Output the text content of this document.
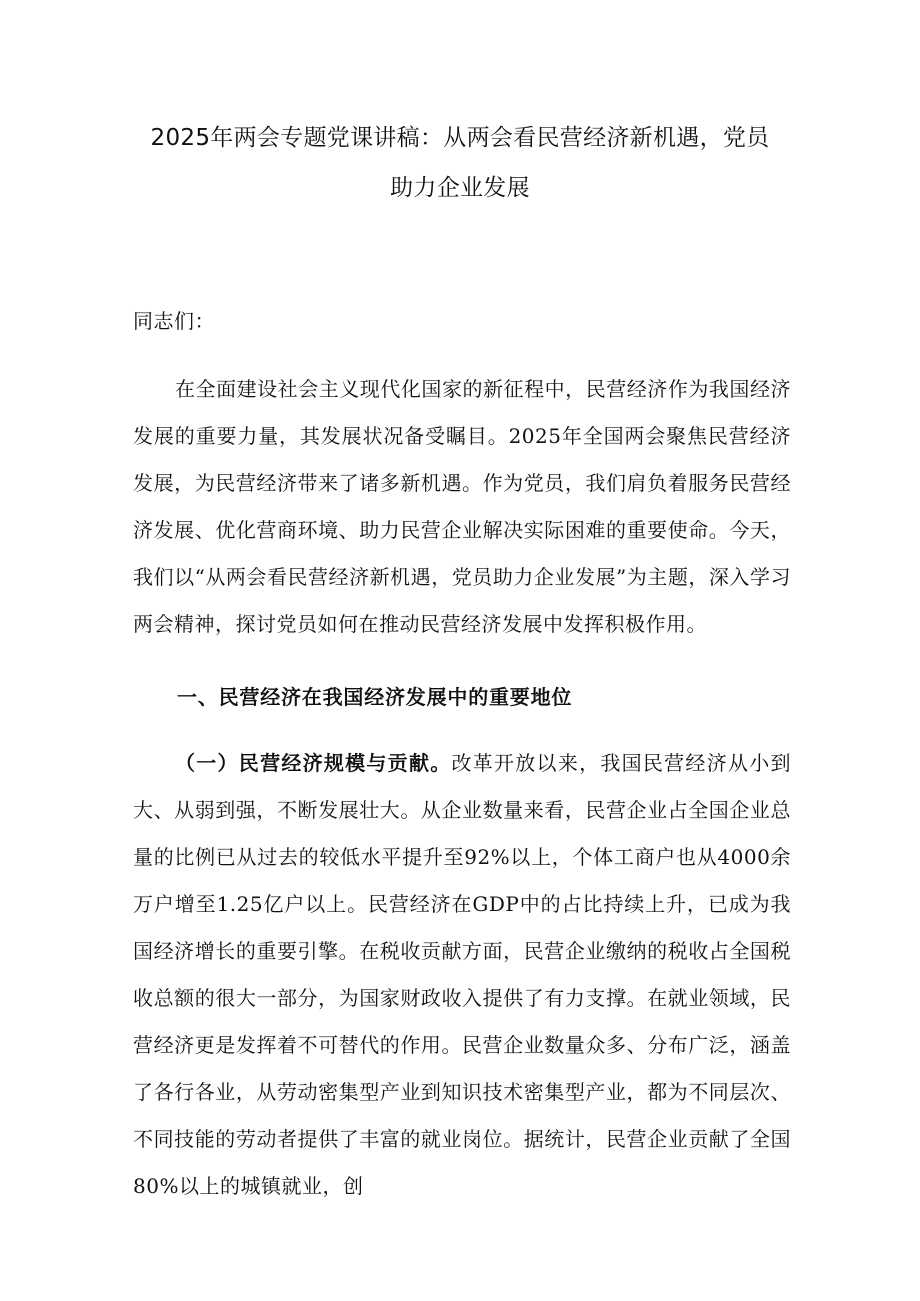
2025年两会专题党课讲稿：从两会看民营经济新机遇，党员
助力企业发展
同志们：
在全面建设社会主义现代化国家的新征程中，民营经济作为我国经济发展的重要力量，其发展状况备受瞩目。2025年全国两会聚焦民营经济发展，为民营经济带来了诸多新机遇。作为党员，我们肩负着服务民营经济发展、优化营商环境、助力民营企业解决实际困难的重要使命。今天，我们以“从两会看民营经济新机遇，党员助力企业发展”为主题，深入学习两会精神，探讨党员如何在推动民营经济发展中发挥积极作用。
一、民营经济在我国经济发展中的重要地位
（一）民营经济规模与贡献。改革开放以来，我国民营经济从小到大、从弱到强，不断发展壮大。从企业数量来看，民营企业占全国企业总量的比例已从过去的较低水平提升至92%以上，个体工商户也从4000余万户增至1.25亿户以上。民营经济在GDP中的占比持续上升，已成为我国经济增长的重要引擎。在税收贡献方面，民营企业缴纳的税收占全国税收总额的很大一部分，为国家财政收入提供了有力支撑。在就业领域，民营经济更是发挥着不可替代的作用。民营企业数量众多、分布广泛，涵盖了各行各业，从劳动密集型产业到知识技术密集型产业，都为不同层次、不同技能的劳动者提供了丰富的就业岗位。据统计，民营企业贡献了全国80%以上的城镇就业，创
